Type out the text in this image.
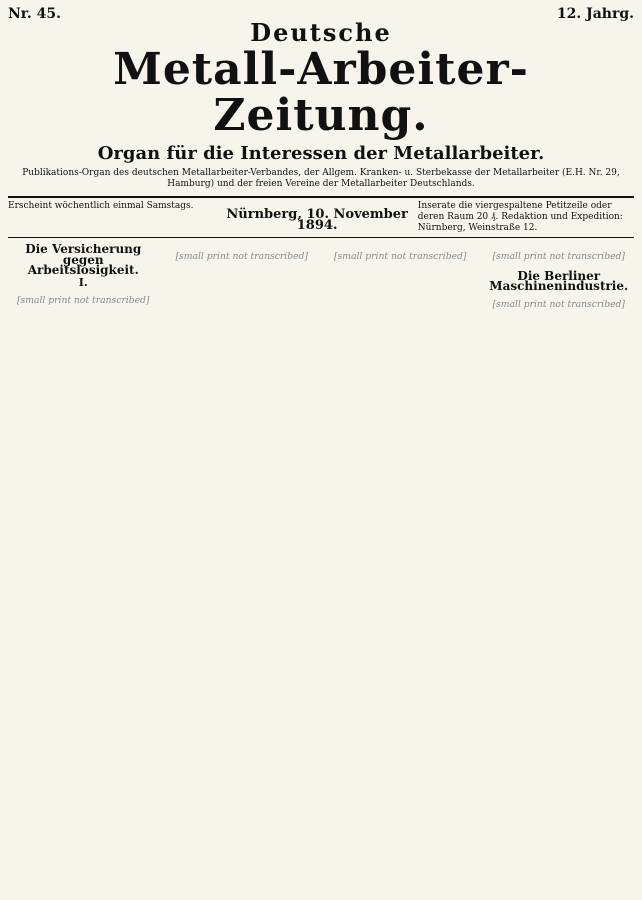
Nr. 45.	12. Jahrg.
Deutsche
Metall-Arbeiter-Zeitung.
Organ für die Interessen der Metallarbeiter.
Publikations-Organ des deutschen Metallarbeiter-Verbandes, der Allgem. Kranken- u. Sterbekasse der Metallarbeiter (E.H. Nr. 29, Hamburg) und der freien Vereine der Metallarbeiter Deutschlands.
Erscheint wöchentlich einmal Samstags.
Nürnberg, 10. November 1894.
Inserate die viergespaltene Petitzeile oder deren Raum 20 ₰. Redaktion und Expedition: Nürnberg, Weinstraße 12.
Die Versicherung gegen Arbeitslosigkeit.
I.
[small print not transcribed]
[small print not transcribed]	[small print not transcribed]	[small print not transcribed]
Die Berliner Maschinenindustrie.
[small print not transcribed]
